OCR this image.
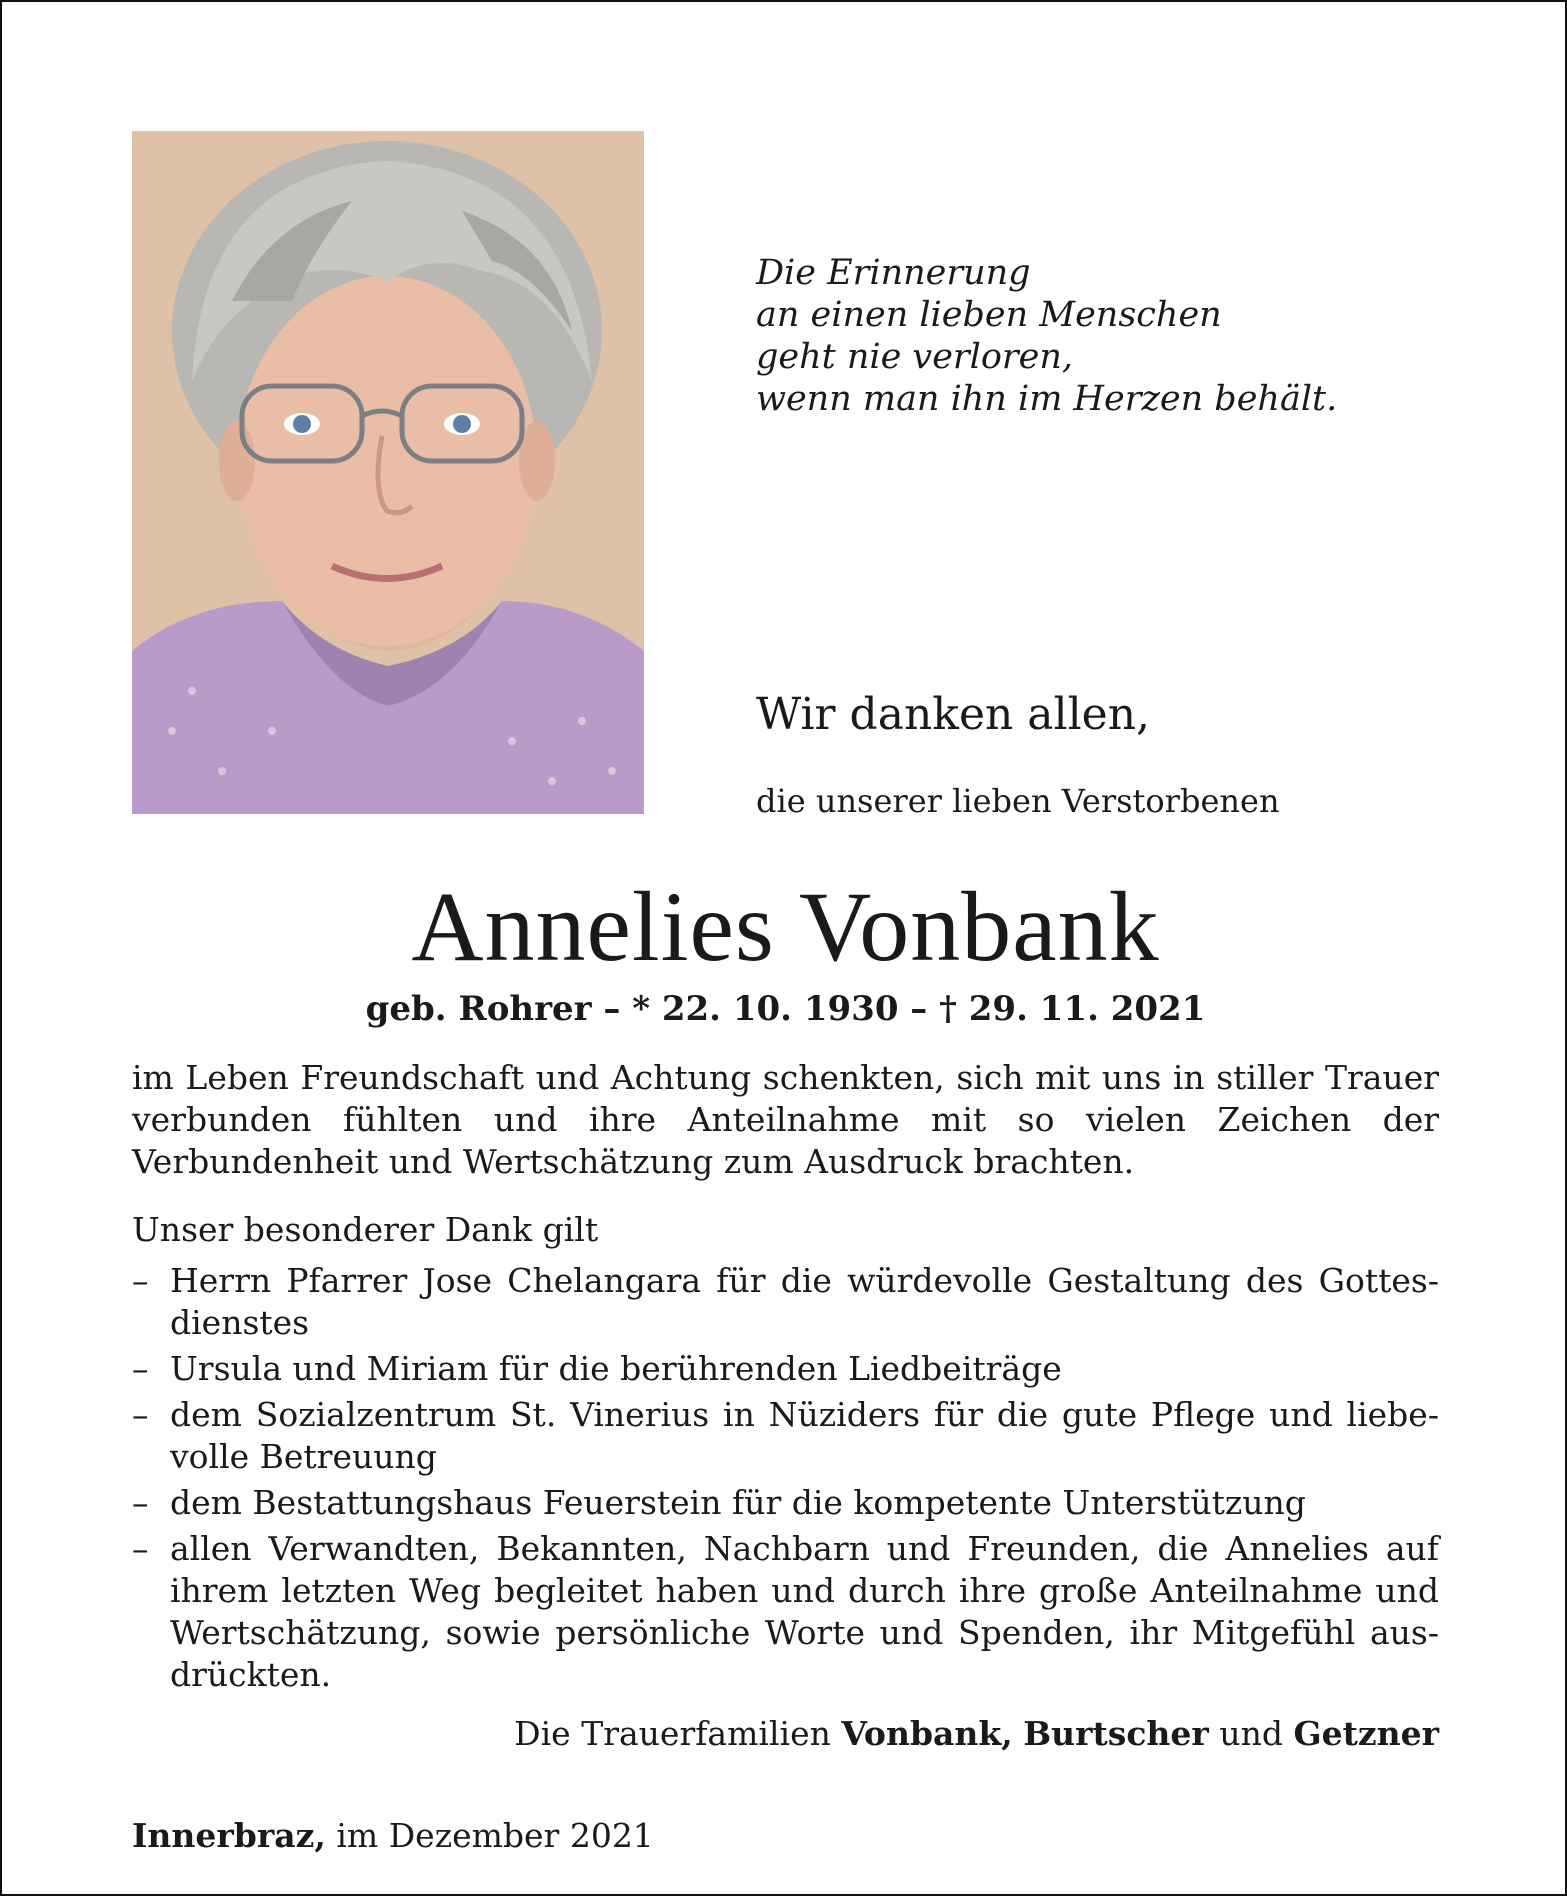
Die Erinnerung
an einen lieben Menschen
geht nie verloren,
wenn man ihn im Herzen behält.
Wir danken allen,
die unserer lieben Verstorbenen
Annelies Vonbank
geb. Rohrer – * 22. 10. 1930 – † 29. 11. 2021
im Leben Freundschaft und Achtung schenkten, sich mit uns in stiller Trauer verbunden fühlten und ihre Anteilnahme mit so vielen Zeichen der Verbundenheit und Wertschätzung zum Ausdruck brachten.
Unser besonderer Dank gilt
– Herrn Pfarrer Jose Chelangara für die würdevolle Gestaltung des Gottesdienstes
– Ursula und Miriam für die berührenden Liedbeiträge
– dem Sozialzentrum St. Vinerius in Nüziders für die gute Pflege und liebevolle Betreuung
– dem Bestattungshaus Feuerstein für die kompetente Unterstützung
– allen Verwandten, Bekannten, Nachbarn und Freunden, die Annelies auf ihrem letzten Weg begleitet haben und durch ihre große Anteilnahme und Wertschätzung, sowie persönliche Worte und Spenden, ihr Mitgefühl ausdrückten.
Die Trauerfamilien Vonbank, Burtscher und Getzner
Innerbraz, im Dezember 2021
